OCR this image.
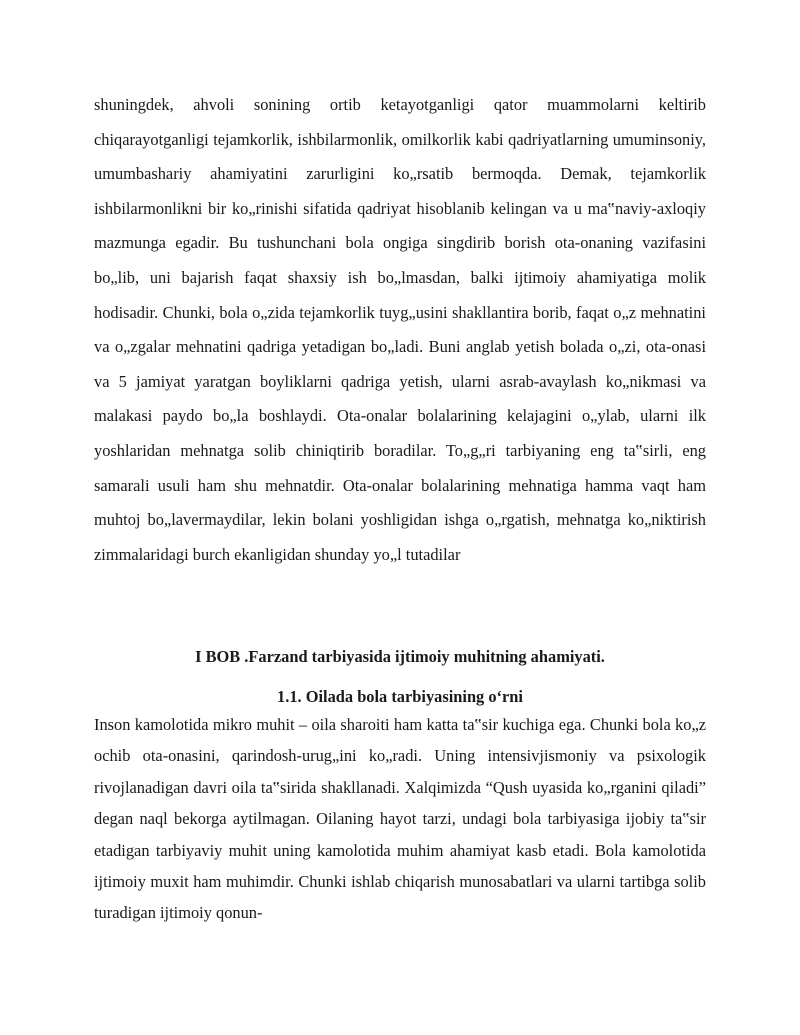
shuningdek, ahvoli sonining ortib ketayotganligi qator muammolarni keltirib chiqarayotganligi tejamkorlik, ishbilarmonlik, omilkorlik kabi qadriyatlarning umuminsoniy, umumbashariy ahamiyatini zarurligini ko„rsatib bermoqda. Demak, tejamkorlik ishbilarmonlikni bir ko„rinishi sifatida qadriyat hisoblanib kelingan va u ma‟naviy-axloqiy mazmunga egadir. Bu tushunchani bola ongiga singdirib borish ota-onaning vazifasini bo„lib, uni bajarish faqat shaxsiy ish bo„lmasdan, balki ijtimoiy ahamiyatiga molik hodisadir. Chunki, bola o„zida tejamkorlik tuyg„usini shakllantira borib, faqat o„z mehnatini va o„zgalar mehnatini qadriga yetadigan bo„ladi. Buni anglab yetish bolada o„zi, ota-onasi va 5 jamiyat yaratgan boyliklarni qadriga yetish, ularni asrab-avaylash ko„nikmasi va malakasi paydo bo„la boshlaydi. Ota-onalar bolalarining kelajagini o„ylab, ularni ilk yoshlaridan mehnatga solib chiniqtirib boradilar. To„g„ri tarbiyaning eng ta‟sirli, eng samarali usuli ham shu mehnatdir. Ota-onalar bolalarining mehnatiga hamma vaqt ham muhtoj bo„lavermaydilar, lekin bolani yoshligidan ishga o„rgatish, mehnatga ko„niktirish zimmalaridagi burch ekanligidan shunday yo„l tutadilar

I BOB .Farzand tarbiyasida ijtimoiy muhitning ahamiyati.
1.1. Oilada bola tarbiyasining o‘rni

Inson kamolotida mikro muhit – oila sharoiti ham katta ta‟sir kuchiga ega. Chunki bola ko„z ochib ota-onasini, qarindosh-urug„ini ko„radi. Uning intensivjismoniy va psixologik rivojlanadigan davri oila ta‟sirida shakllanadi. Xalqimizda “Qush uyasida ko„rganini qiladi” degan naql bekorga aytilmagan. Oilaning hayot tarzi, undagi bola tarbiyasiga ijobiy ta‟sir etadigan tarbiyaviy muhit uning kamolotida muhim ahamiyat kasb etadi. Bola kamolotida ijtimoiy muxit ham muhimdir. Chunki ishlab chiqarish munosabatlari va ularni tartibga solib turadigan ijtimoiy qonun-
